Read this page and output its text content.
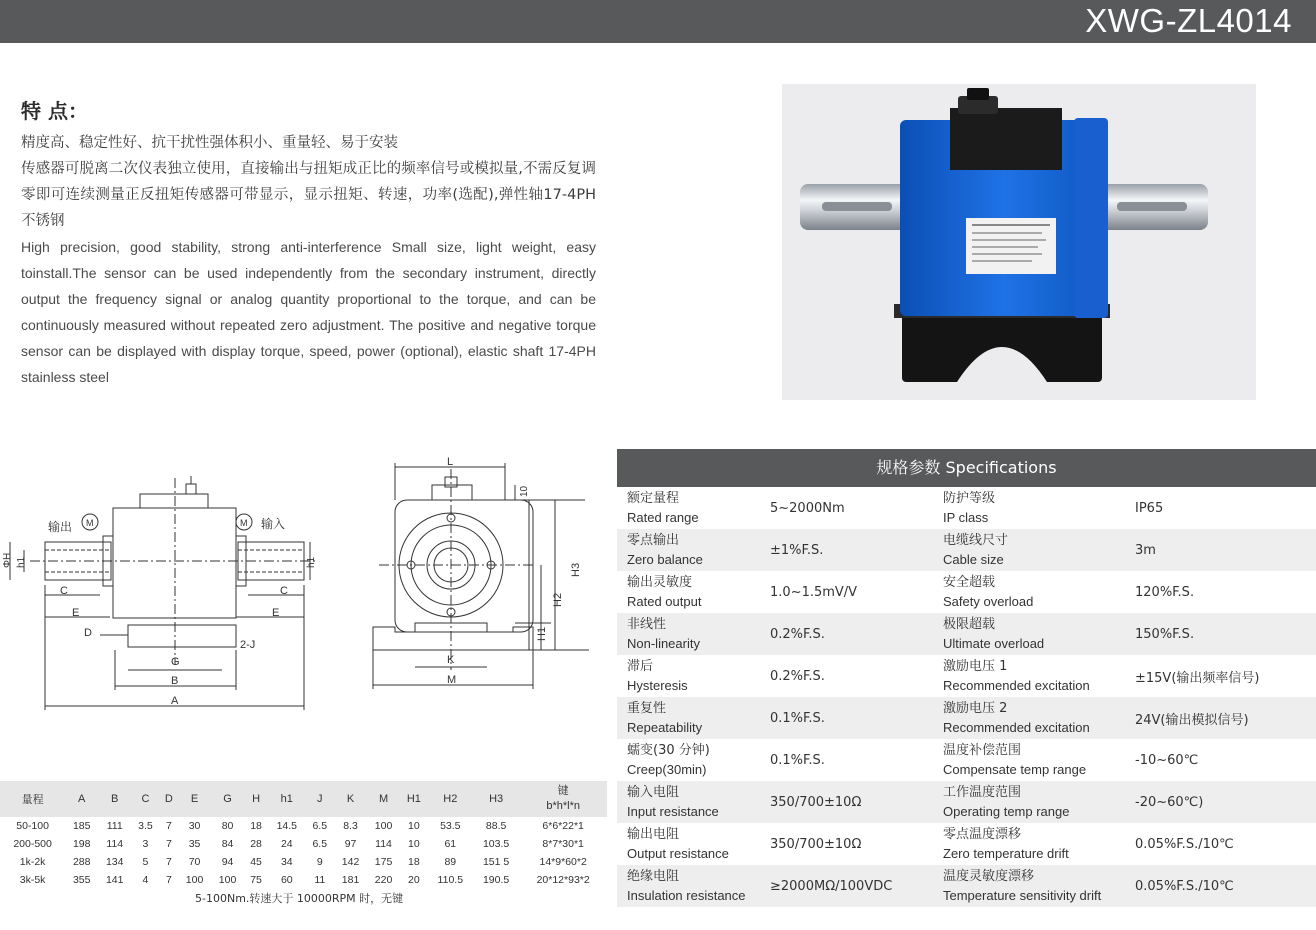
XWG-ZL4014
特 点：

精度高、稳定性好、抗干扰性强体积小、重量轻、易于安装

传感器可脱离二次仪表独立使用，直接输出与扭矩成正比的频率信号或模拟量,不需反复调零即可连续测量正反扭矩传感器可带显示，显示扭矩、转速，功率(选配),弹性轴17-4PH不锈钢

High precision, good stability, strong anti-interference Small size, light weight, easy toinstall.The sensor can be used independently from the secondary instrument, directly output the frequency signal or analog quantity proportional to the torque, and can be continuously measured without repeated zero adjustment. The positive and negative torque sensor can be displayed with display torque, speed, power (optional), elastic shaft 17-4PH stainless steel
M	M
输出	输入
ΦH h1	h1
C	C
E	E
D
2-J
G
B
A
L
10
H3
H2
H1
K
M
量程	A	B	C	D	E	G	H	h1	J	K	M	H1	H2	H3	键
b*h*l*n

50-100	185	111	3.5	7	30	80	18	14.5	6.5	8.3	100	10	53.5	88.5	6*6*22*1
200-500	198	114	3	7	35	84	28	24	6.5	97	114	10	61	103.5	8*7*30*1
1k-2k	288	134	5	7	70	94	45	34	9	142	175	18	89	151 5	14*9*60*2
3k-5k	355	141	4	7	100	100	75	60	11	181	220	20	110.5	190.5	20*12*93*2
5-100Nm.转速大于 10000RPM 时，无键
规格参数 Specifications
额定量程
Rated range	5~2000Nm	防护等级
IP class	IP65

零点输出
Zero balance	±1%F.S.	电缆线尺寸
Cable size	3m

输出灵敏度
Rated output	1.0~1.5mV/V	安全超载
Safety overload	120%F.S.

非线性
Non-linearity	0.2%F.S.	极限超载
Ultimate overload	150%F.S.

滞后
Hysteresis	0.2%F.S.	激励电压 1
Recommended excitation	±15V(输出频率信号)

重复性
Repeatability	0.1%F.S.	激励电压 2
Recommended excitation	24V(输出模拟信号)

蠕变(30 分钟)
Creep(30min)	0.1%F.S.	温度补偿范围
Compensate temp range	-10~60℃

输入电阻
Input resistance	350/700±10Ω	工作温度范围
Operating temp range	-20~60℃)

输出电阻
Output resistance	350/700±10Ω	零点温度漂移
Zero temperature drift	0.05%F.S./10℃

绝缘电阻
Insulation resistance	≥2000MΩ/100VDC	温度灵敏度漂移
Temperature sensitivity drift	0.05%F.S./10℃
